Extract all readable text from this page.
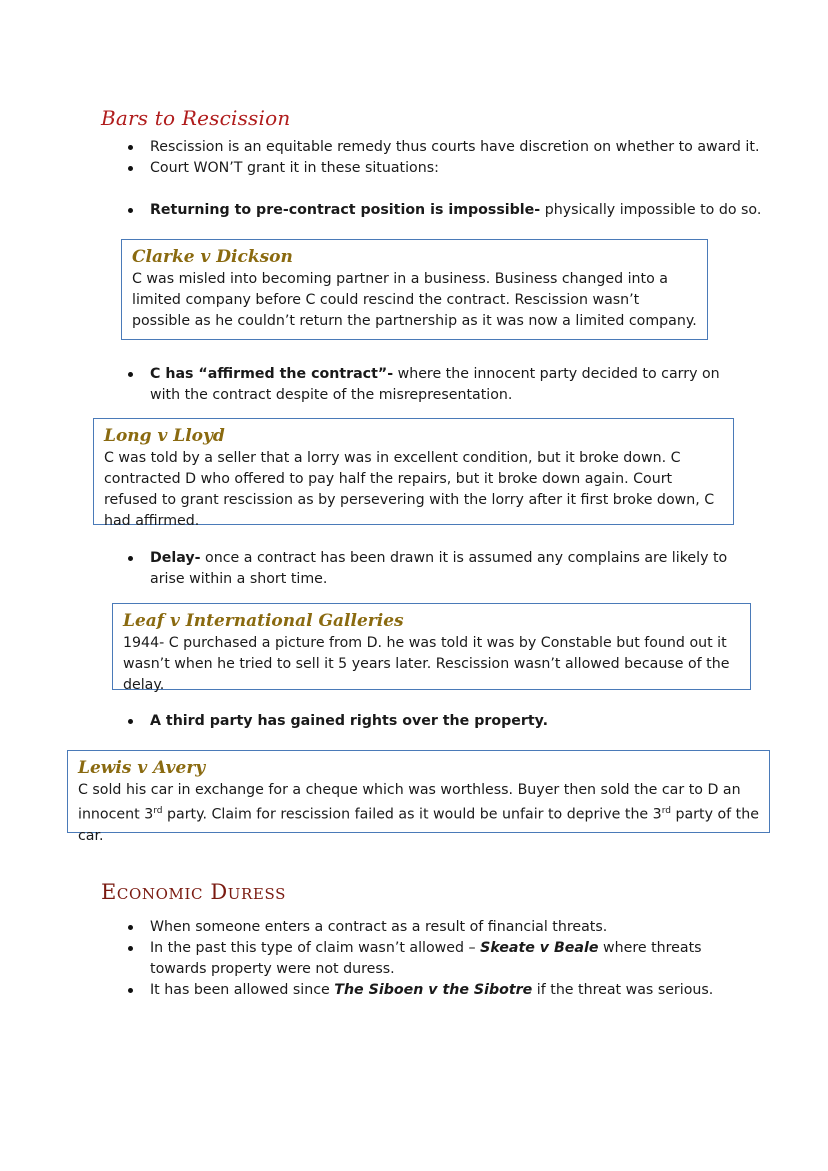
Bars to Rescission
Rescission is an equitable remedy thus courts have discretion on whether to award it.
Court WON’T grant it in these situations:
Returning to pre-contract position is impossible- physically impossible to do so.
Clarke v Dickson
C was misled into becoming partner in a business. Business changed into a limited company before C could rescind the contract. Rescission wasn’t possible as he couldn’t return the partnership as it was now a limited company.
C has “affirmed the contract”- where the innocent party decided to carry on with the contract despite of the misrepresentation.
Long v Lloyd
C was told by a seller that a lorry was in excellent condition, but it broke down. C contracted D who offered to pay half the repairs, but it broke down again. Court refused to grant rescission as by persevering with the lorry after it first broke down, C had affirmed.
Delay- once a contract has been drawn it is assumed any complains are likely to arise within a short time.
Leaf v International Galleries
1944- C purchased a picture from D. he was told it was by Constable but found out it wasn’t when he tried to sell it 5 years later. Rescission wasn’t allowed because of the delay.
A third party has gained rights over the property.
Lewis v Avery
C sold his car in exchange for a cheque which was worthless. Buyer then sold the car to D an innocent 3rd party. Claim for rescission failed as it would be unfair to deprive the 3rd party of the car.
Economic Duress
When someone enters a contract as a result of financial threats.
In the past this type of claim wasn’t allowed – Skeate v Beale where threats towards property were not duress.
It has been allowed since The Siboen v the Sibotre if the threat was serious.
